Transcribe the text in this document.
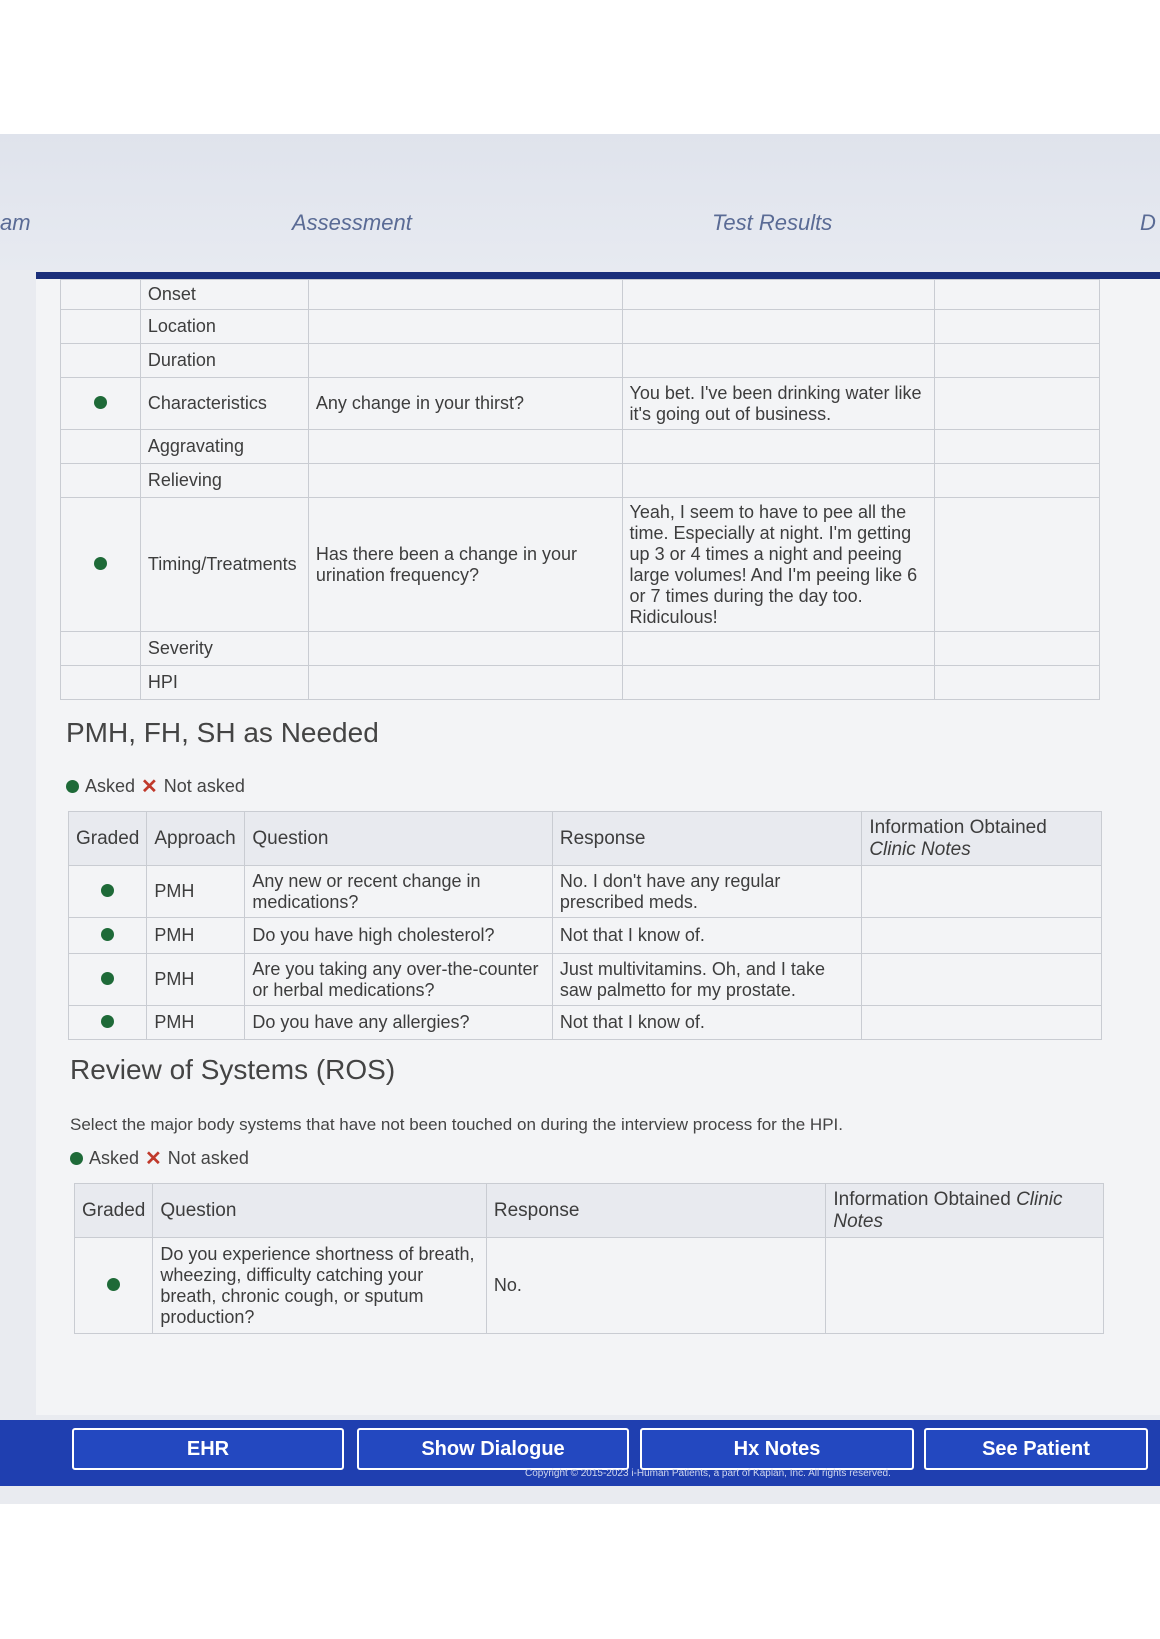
am	Assessment	Test Results	D
	Onset			
	Location			
	Duration			
	Characteristics	Any change in your thirst?	You bet. I've been drinking water like it's going out of business.	
	Aggravating			
	Relieving			
	Timing/Treatments	Has there been a change in your urination frequency?	Yeah, I seem to have to pee all the time. Especially at night. I'm getting up 3 or 4 times a night and peeing large volumes! And I'm peeing like 6 or 7 times during the day too. Ridiculous!	
	Severity			
	HPI			
PMH, FH, SH as Needed
Asked ✕ Not asked
Graded	Approach	Question	Response	Information Obtained
Clinic Notes
	PMH	Any new or recent change in medications?	No. I don't have any regular prescribed meds.	
	PMH	Do you have high cholesterol?	Not that I know of.	
	PMH	Are you taking any over-the-counter or herbal medications?	Just multivitamins. Oh, and I take saw palmetto for my prostate.	
	PMH	Do you have any allergies?	Not that I know of.	
Review of Systems (ROS)
Select the major body systems that have not been touched on during the interview process for the HPI.
Asked ✕ Not asked
Graded	Question	Response	Information Obtained Clinic
Notes
	Do you experience shortness of breath, wheezing, difficulty catching your breath, chronic cough, or sputum production?	No.	
EHR	Show Dialogue	Hx Notes	See Patient
Copyright © 2015-2023 i-Human Patients, a part of Kaplan, Inc. All rights reserved.
